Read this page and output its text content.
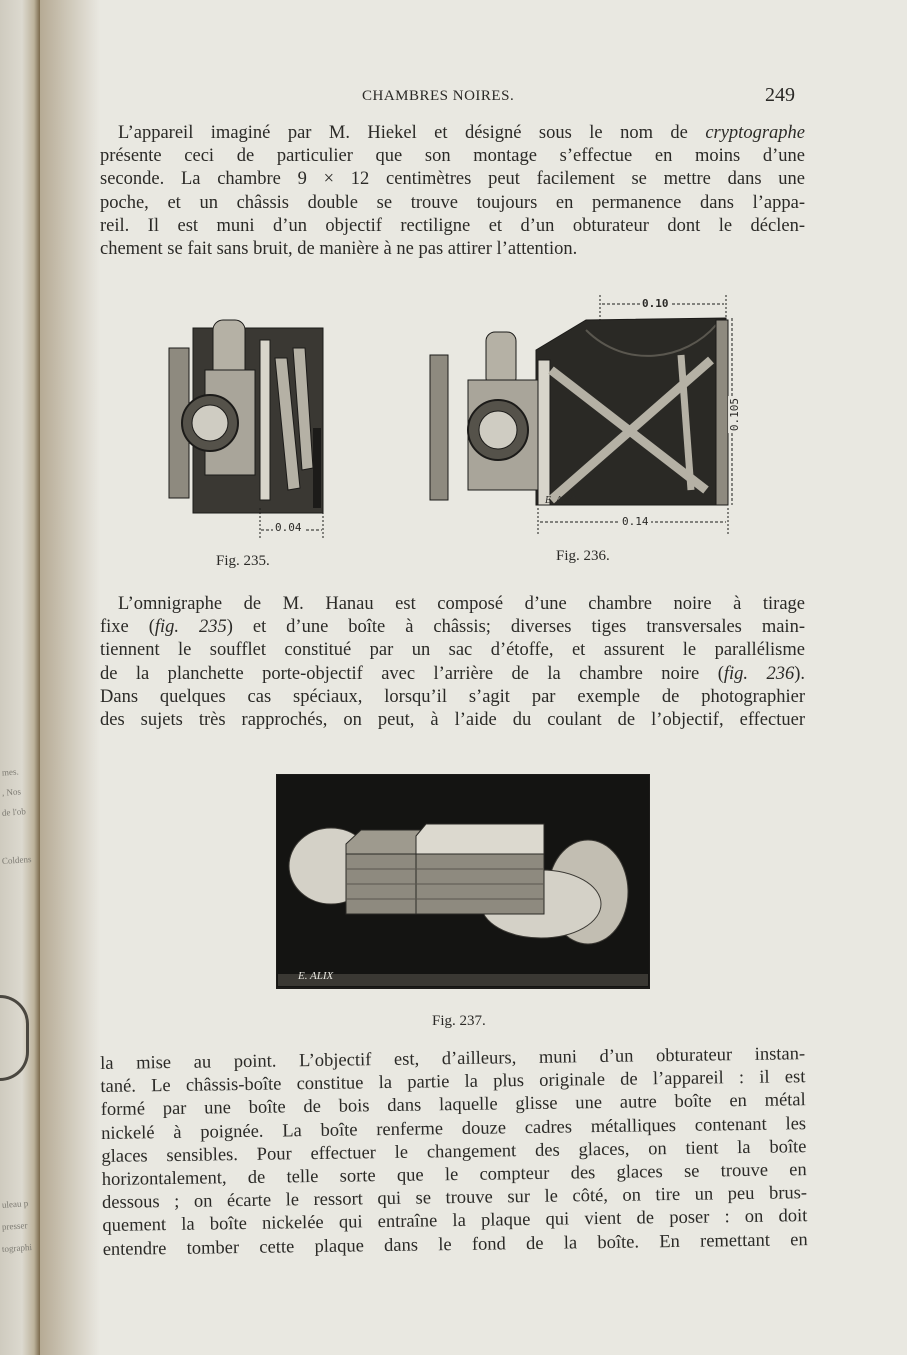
mes.
, Nos
de l'ob
Coldens
uleau p
presser
tographi
CHAMBRES NOIRES.	249

L’appareil imaginé par M. Hiekel et désigné sous le nom de cryptographe
présente ceci de particulier que son montage s’effectue en moins d’une
seconde. La chambre 9 × 12 centimètres peut facilement se mettre dans une
poche, et un châssis double se trouve toujours en permanence dans l’appa-
reil. Il est muni d’un objectif rectiligne et d’un obturateur dont le déclen-
chement se fait sans bruit, de manière à ne pas attirer l’attention.

0.04
Fig. 235.
0.10
0.105
0.14
E. ALIX
Fig. 236.

L’omnigraphe de M. Hanau est composé d’une chambre noire à tirage
fixe (fig. 235) et d’une boîte à châssis; diverses tiges transversales main-
tiennent le soufflet constitué par un sac d’étoffe, et assurent le parallélisme
de la planchette porte-objectif avec l’arrière de la chambre noire (fig. 236).
Dans quelques cas spéciaux, lorsqu’il s’agit par exemple de photographier
des sujets très rapprochés, on peut, à l’aide du coulant de l’objectif, effectuer

E. ALIX
Fig. 237.

la mise au point. L’objectif est, d’ailleurs, muni d’un obturateur instan-
tané. Le châssis-boîte constitue la partie la plus originale de l’appareil : il est
formé par une boîte de bois dans laquelle glisse une autre boîte en métal
nickelé à poignée. La boîte renferme douze cadres métalliques contenant les
glaces sensibles. Pour effectuer le changement des glaces, on tient la boîte
horizontalement, de telle sorte que le compteur des glaces se trouve en
dessous ; on écarte le ressort qui se trouve sur le côté, on tire un peu brus-
quement la boîte nickelée qui entraîne la plaque qui vient de poser : on doit
entendre tomber cette plaque dans le fond de la boîte. En remettant en
